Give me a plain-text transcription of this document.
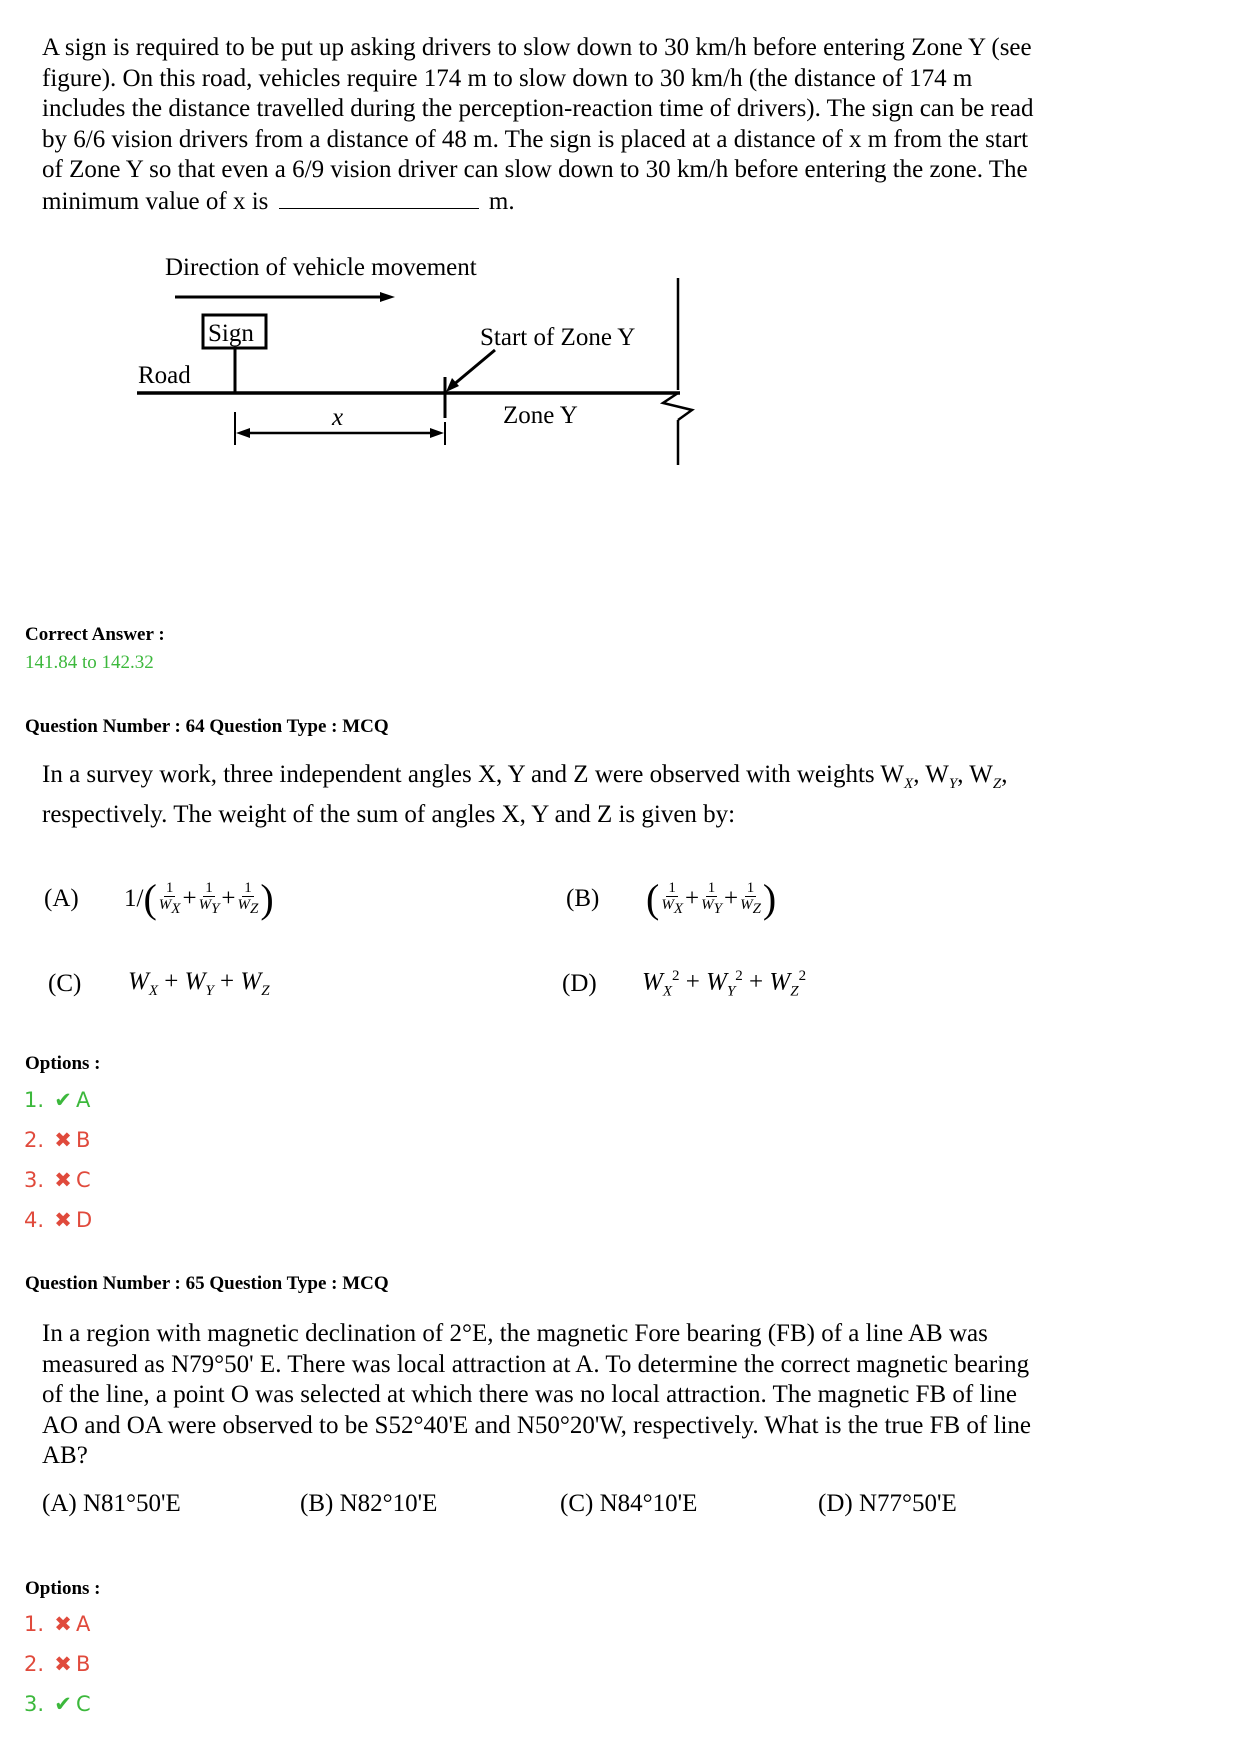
A sign is required to be put up asking drivers to slow down to 30 km/h before entering Zone Y (see
figure). On this road, vehicles require 174 m to slow down to 30 km/h (the distance of 174 m
includes the distance travelled during the perception-reaction time of drivers). The sign can be read
by 6/6 vision drivers from a distance of 48 m. The sign is placed at a distance of x m from the start
of Zone Y so that even a 6/9 vision driver can slow down to 30 km/h before entering the zone. The
minimum value of x is	m.
Direction of vehicle movement
Sign
Road
Start of Zone Y
Zone Y
x
Correct Answer :
141.84 to 142.32
Question Number : 64 Question Type : MCQ
In a survey work, three independent angles X, Y and Z were observed with weights $W_X$, $W_Y$, $W_Z$,
respectively. The weight of the sum of angles X, Y and Z is given by:
(A)	1/ ( $\frac{1}{W_X} + \frac{1}{W_Y} + \frac{1}{W_Z}$ )	(B)	( $\frac{1}{W_X} + \frac{1}{W_Y} + \frac{1}{W_Z}$ )
(C)	$W_X + W_Y + W_Z$	(D)	$W_X^2 + W_Y^2 + W_Z^2$
Options :
1. ✔ A
2. ✖ B
3. ✖ C
4. ✖ D
Question Number : 65 Question Type : MCQ
In a region with magnetic declination of 2°E, the magnetic Fore bearing (FB) of a line AB was
measured as N79°50' E. There was local attraction at A. To determine the correct magnetic bearing
of the line, a point O was selected at which there was no local attraction. The magnetic FB of line
AO and OA were observed to be S52°40'E and N50°20'W, respectively. What is the true FB of line
AB?
(A) N81°50'E	(B) N82°10'E	(C) N84°10'E	(D) N77°50'E
Options :
1. ✖ A
2. ✖ B
3. ✔ C
